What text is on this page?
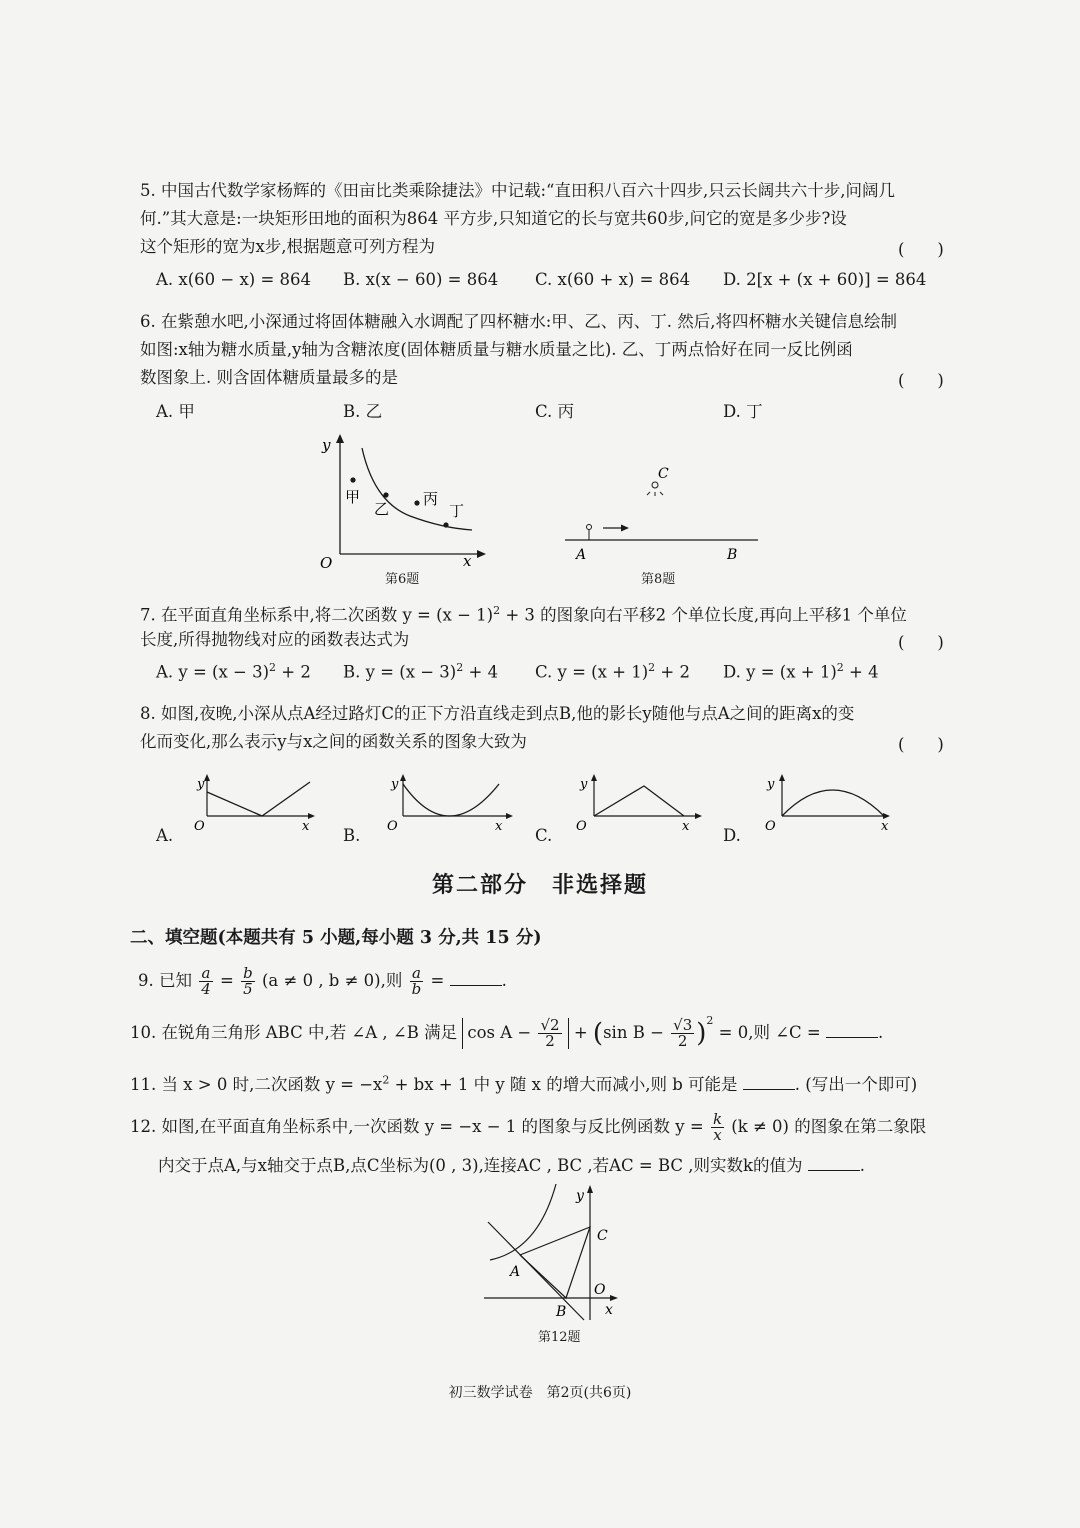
5. 中国古代数学家杨辉的《田亩比类乘除捷法》中记载:“直田积八百六十四步,只云长阔共六十步,问阔几
何.”其大意是:一块矩形田地的面积为864 平方步,只知道它的长与宽共60步,问它的宽是多少步?设
这个矩形的宽为x步,根据题意可列方程为	(　　)
A. x(60 − x) = 864 B. x(x − 60) = 864 C. x(60 + x) = 864 D. 2[x + (x + 60)] = 864
6. 在紫憩水吧,小深通过将固体糖融入水调配了四杯糖水:甲、乙、丙、丁. 然后,将四杯糖水关键信息绘制
如图:x轴为糖水质量,y轴为含糖浓度(固体糖质量与糖水质量之比). 乙、丁两点恰好在同一反比例函
数图象上. 则含固体糖质量最多的是	(　　)
A. 甲	B. 乙	C. 丙	D. 丁
y
O	x
甲
乙
丙
丁
第6题
C
A	B
第8题
7. 在平面直角坐标系中,将二次函数 $y = (x - 1)^2 + 3$ 的图象向右平移2 个单位长度,再向上平移1 个单位
长度,所得抛物线对应的函数表达式为	(　　)
A. $y = (x - 3)^2 + 2$ B. $y = (x - 3)^2 + 4$ C. $y = (x + 1)^2 + 2$ D. $y = (x + 1)^2 + 4$
8. 如图,夜晚,小深从点A经过路灯C的正下方沿直线走到点B,他的影长y随他与点A之间的距离x的变
化而变化,那么表示y与x之间的函数关系的图象大致为	(　　)
A.
y
O	x B.
y
O	x C.
y
O	x D.
y
O	x
第二部分　非选择题
二、填空题(本题共有 5 小题,每小题 3 分,共 15 分)
9. 已知 $\frac{a}{4} = \frac{b}{5} (a \ne 0$ , b ≠ 0),则 $\frac{a}{b}$ =	.
10. 在锐角三角形 ABC 中,若 ∠A , ∠B 满足 $\cos A - \frac{√2}{2} + (\sin$ $B - \frac{√3}{2} )^2 = 0$,则 ∠C =	.
11. 当 x > 0 时,二次函数 $y = -x^2$ + bx + 1 中 y 随 x 的增大而减小,则 b 可能是	. (写出一个即可)
12. 如图,在平面直角坐标系中,一次函数 y = −x − 1 的图象与反比例函数 $y = \frac{k}{x} (k \ne 0)$ 的图象在第二象限
内交于点A,与x轴交于点B,点C坐标为(0 , 3),连接AC , BC ,若AC = BC ,则实数k的值为	.
y
C
A
O
x
B
第12题
初三数学试卷　第2页(共6页)
